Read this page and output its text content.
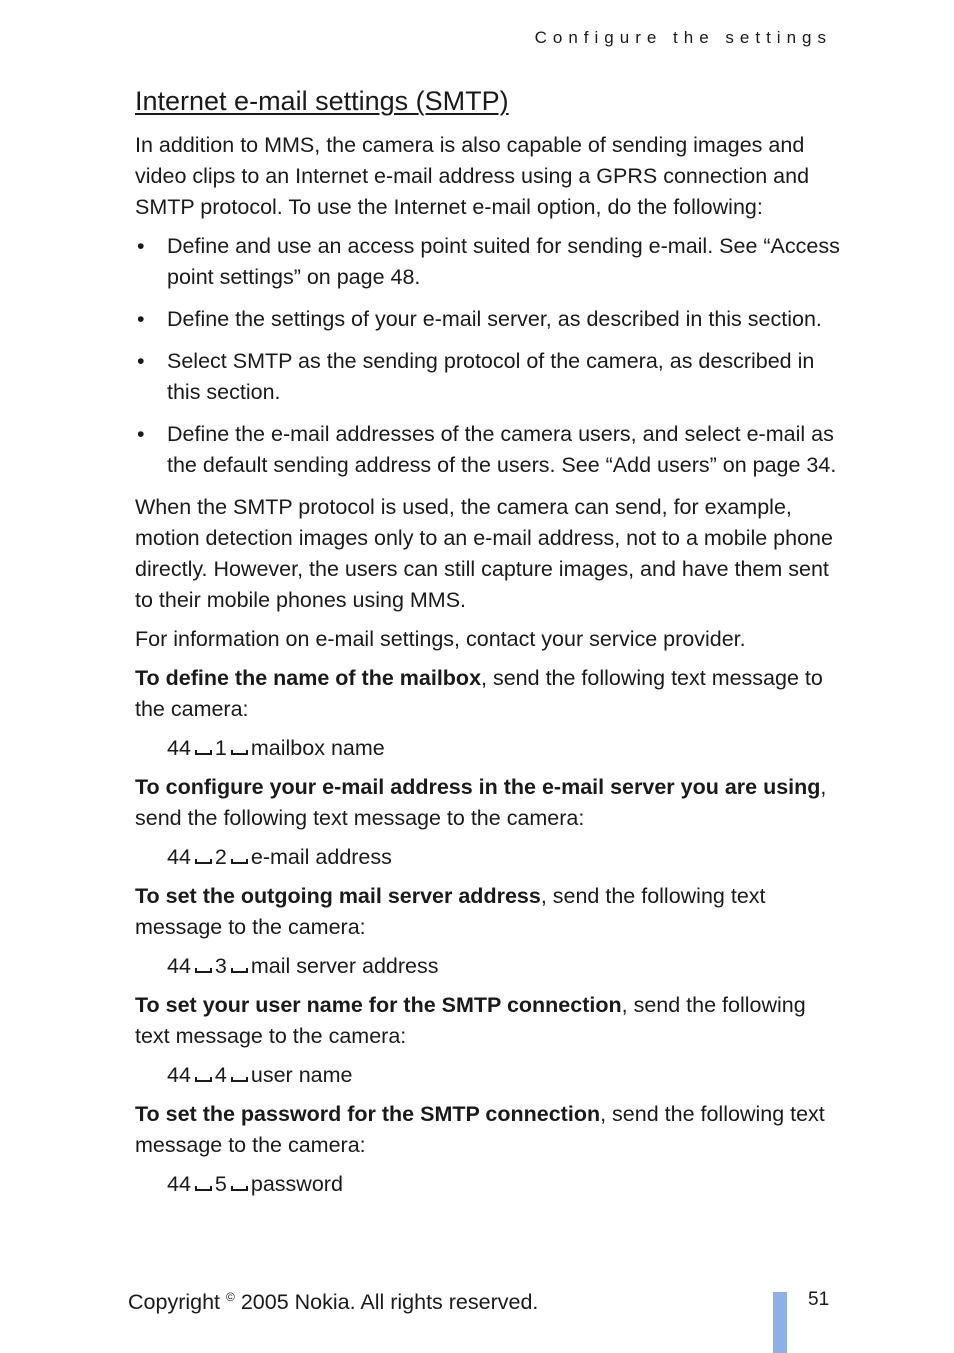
Configure the settings
Internet e-mail settings (SMTP)

In addition to MMS, the camera is also capable of sending images and video clips to an Internet e-mail address using a GPRS connection and SMTP protocol. To use the Internet e-mail option, do the following:

• Define and use an access point suited for sending e-mail. See “Access point settings” on page 48.
• Define the settings of your e-mail server, as described in this section.
• Select SMTP as the sending protocol of the camera, as described in this section.
• Define the e-mail addresses of the camera users, and select e-mail as the default sending address of the users. See “Add users” on page 34.

When the SMTP protocol is used, the camera can send, for example, motion detection images only to an e-mail address, not to a mobile phone directly. However, the users can still capture images, and have them sent to their mobile phones using MMS.

For information on e-mail settings, contact your service provider.

To define the name of the mailbox, send the following text message to the camera:

44 1 mailbox name

To configure your e-mail address in the e-mail server you are using, send the following text message to the camera:

44 2 e-mail address

To set the outgoing mail server address, send the following text message to the camera:

44 3 mail server address

To set your user name for the SMTP connection, send the following text message to the camera:

44 4 user name

To set the password for the SMTP connection, send the following text message to the camera:

44 5 password
Copyright © 2005 Nokia. All rights reserved.	51
